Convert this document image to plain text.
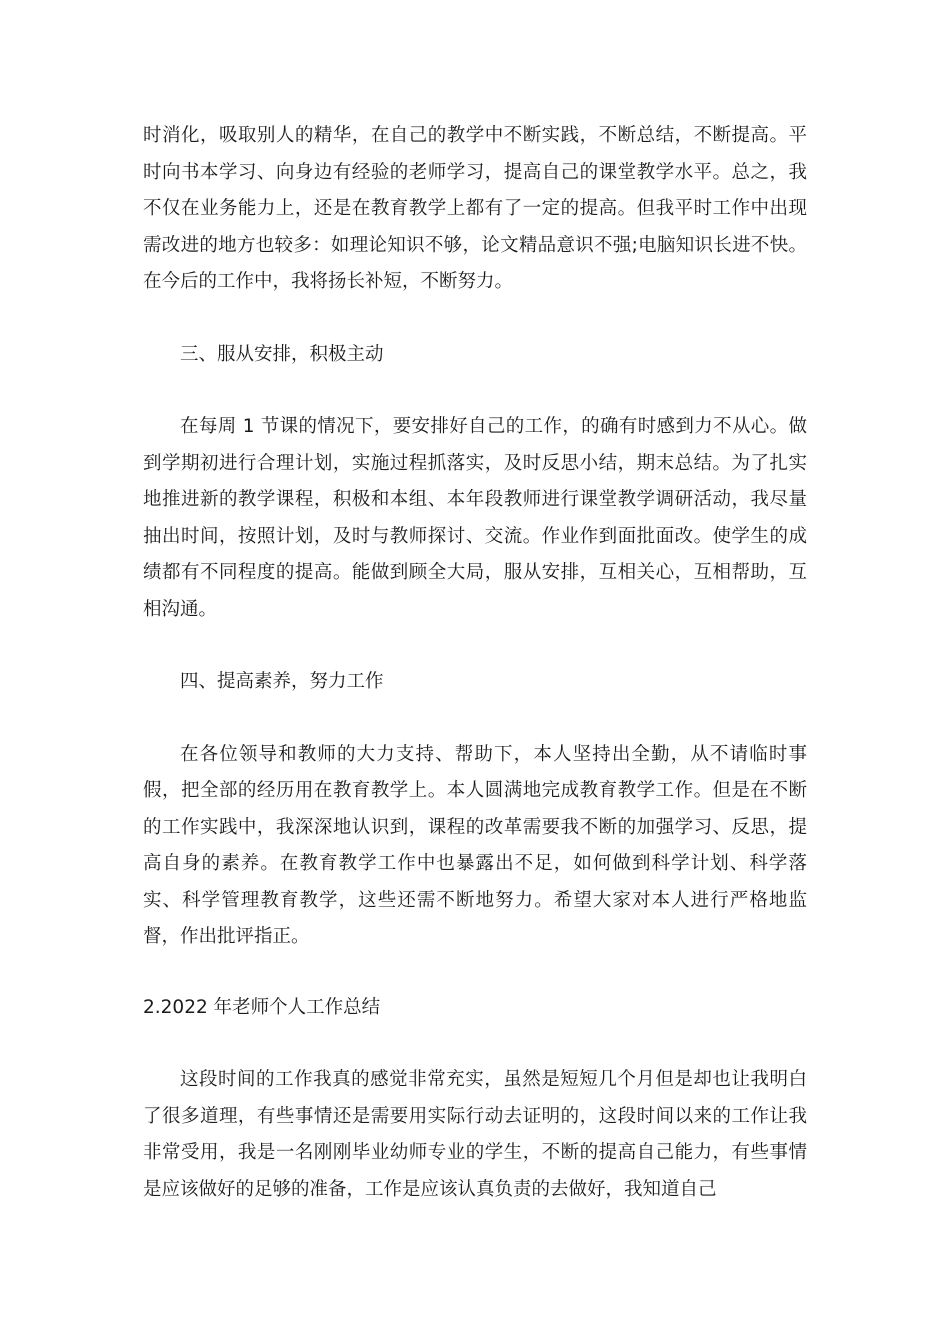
时消化，吸取别人的精华，在自己的教学中不断实践，不断总结，不断提高。平时向书本学习、向身边有经验的老师学习，提高自己的课堂教学水平。总之，我不仅在业务能力上，还是在教育教学上都有了一定的提高。但我平时工作中出现需改进的地方也较多：如理论知识不够，论文精品意识不强;电脑知识长进不快。在今后的工作中，我将扬长补短，不断努力。

三、服从安排，积极主动

在每周 1 节课的情况下，要安排好自己的工作，的确有时感到力不从心。做到学期初进行合理计划，实施过程抓落实，及时反思小结，期末总结。为了扎实地推进新的教学课程，积极和本组、本年段教师进行课堂教学调研活动，我尽量抽出时间，按照计划，及时与教师探讨、交流。作业作到面批面改。使学生的成绩都有不同程度的提高。能做到顾全大局，服从安排，互相关心，互相帮助，互相沟通。

四、提高素养，努力工作

在各位领导和教师的大力支持、帮助下，本人坚持出全勤，从不请临时事假，把全部的经历用在教育教学上。本人圆满地完成教育教学工作。但是在不断的工作实践中，我深深地认识到，课程的改革需要我不断的加强学习、反思，提高自身的素养。在教育教学工作中也暴露出不足，如何做到科学计划、科学落实、科学管理教育教学，这些还需不断地努力。希望大家对本人进行严格地监督，作出批评指正。

2.2022 年老师个人工作总结

这段时间的工作我真的感觉非常充实，虽然是短短几个月但是却也让我明白了很多道理，有些事情还是需要用实际行动去证明的，这段时间以来的工作让我非常受用，我是一名刚刚毕业幼师专业的学生，不断的提高自己能力，有些事情是应该做好的足够的准备，工作是应该认真负责的去做好，我知道自己
